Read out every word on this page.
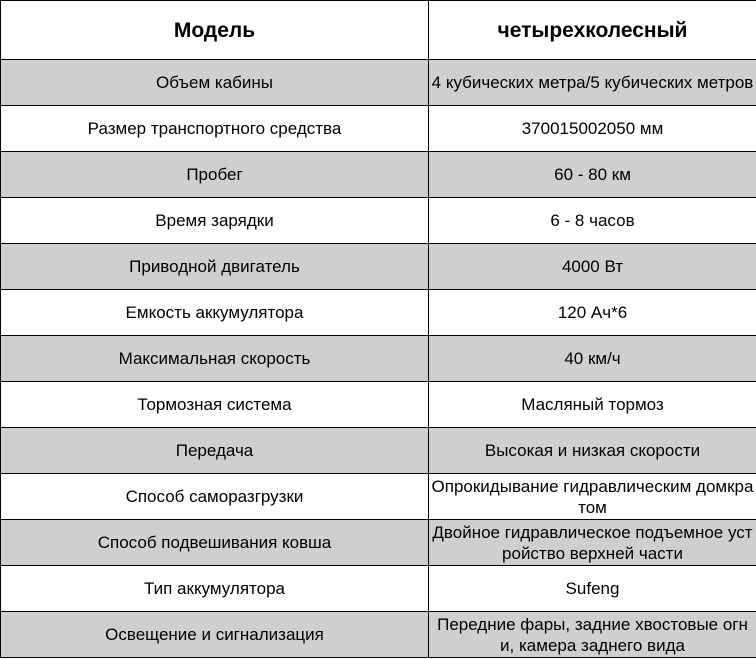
Модель	четырехколесный
Объем кабины	4 кубических метра/5 кубических метров
Размер транспортного средства	370015002050 мм
Пробег	60 - 80 км
Время зарядки	6 - 8 часов
Приводной двигатель	4000 Вт
Емкость аккумулятора	120 Ач*6
Максимальная скорость	40 км/ч
Тормозная система	Масляный тормоз
Передача	Высокая и низкая скорости
Способ саморазгрузки	Опрокидывание гидравлическим домкратом
Способ подвешивания ковша	Двойное гидравлическое подъемное устройство верхней части
Тип аккумулятора	Sufeng
Освещение и сигнализация	Передние фары, задние хвостовые огни, камера заднего вида
